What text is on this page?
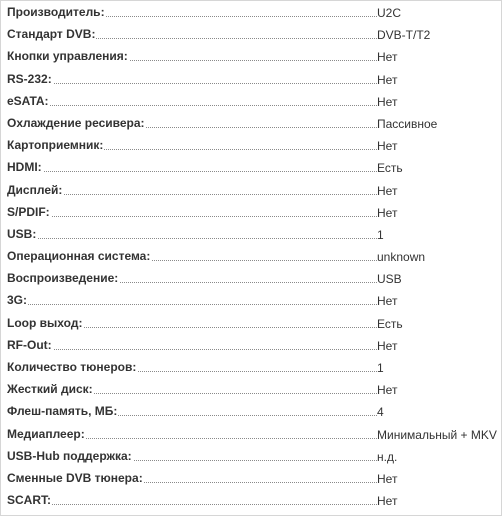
Производитель:	U2C
Стандарт DVB:	DVB-T/T2
Кнопки управления:	Нет
RS-232:	Нет
eSATA:	Нет
Охлаждение ресивера:	Пассивное
Картоприемник:	Нет
HDMI:	Есть
Дисплей:	Нет
S/PDIF:	Нет
USB:	1
Операционная система:	unknown
Воспроизведение:	USB
3G:	Нет
Loop выход:	Есть
RF-Out:	Нет
Количество тюнеров:	1
Жесткий диск:	Нет
Флеш-память, МБ:	4
Медиаплеер:	Минимальный + MKV
USB-Hub поддержка:	н.д.
Сменные DVB тюнера:	Нет
SCART:	Нет
